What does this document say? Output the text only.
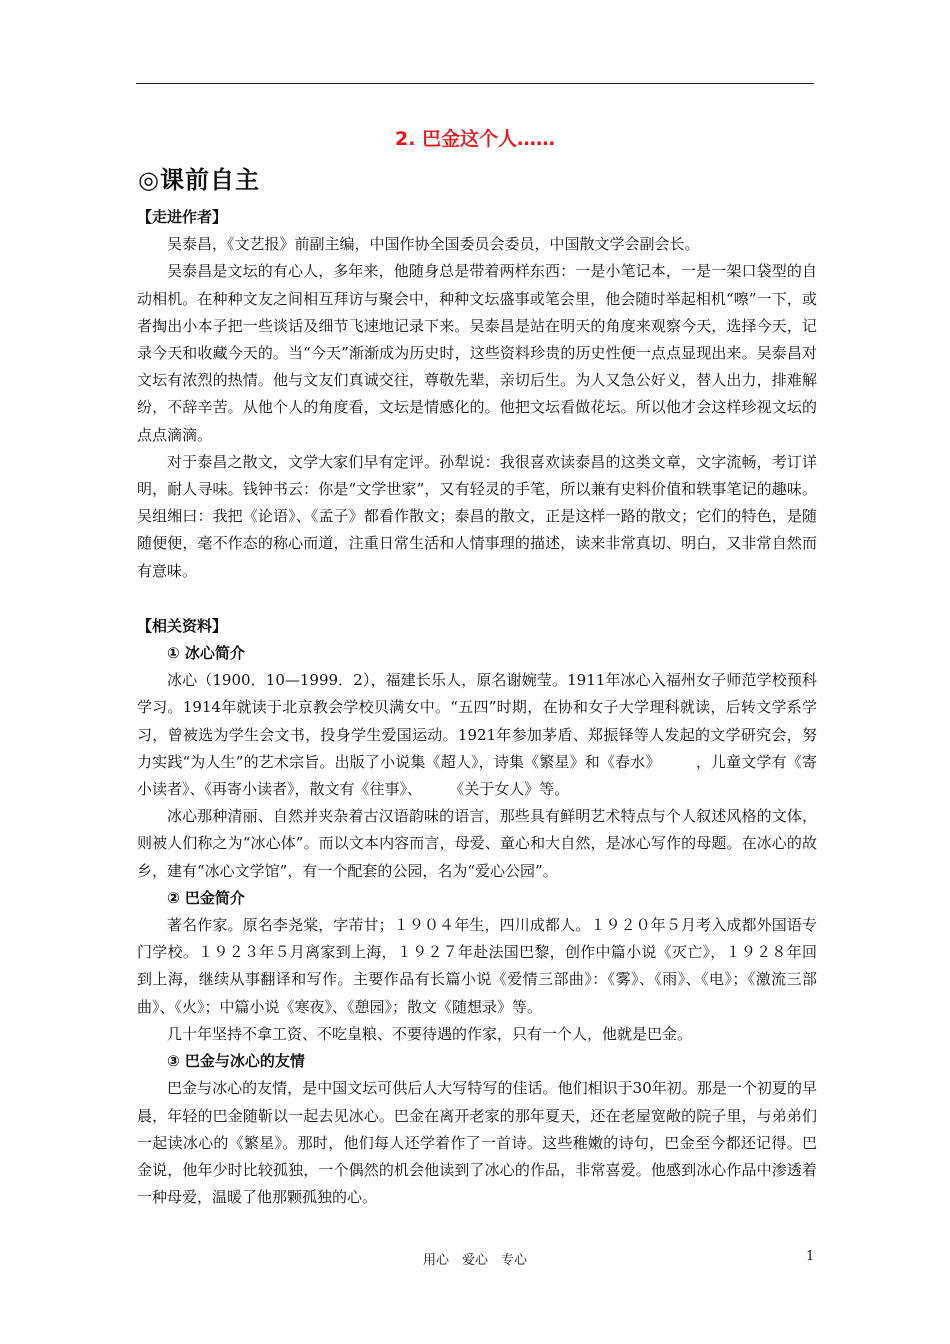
2. 巴金这个人……
◎课前自主
【走进作者】

吴泰昌，《文艺报》前副主编，中国作协全国委员会委员，中国散文学会副会长。

吴泰昌是文坛的有心人，多年来，他随身总是带着两样东西：一是小笔记本，一是一架口袋型的自动相机。在种种文友之间相互拜访与聚会中，种种文坛盛事或笔会里，他会随时举起相机“嚓”一下，或者掏出小本子把一些谈话及细节飞速地记录下来。吴泰昌是站在明天的角度来观察今天，选择今天，记录今天和收藏今天的。当“今天”渐渐成为历史时，这些资料珍贵的历史性便一点点显现出来。吴泰昌对文坛有浓烈的热情。他与文友们真诚交往，尊敬先辈，亲切后生。为人又急公好义，替人出力，排难解纷，不辞辛苦。从他个人的角度看，文坛是情感化的。他把文坛看做花坛。所以他才会这样珍视文坛的点点滴滴。

对于泰昌之散文，文学大家们早有定评。孙犁说：我很喜欢读泰昌的这类文章，文字流畅，考订详明，耐人寻味。钱钟书云：你是“文学世家”，又有轻灵的手笔，所以兼有史料价值和轶事笔记的趣味。吴组缃曰：我把《论语》、《孟子》都看作散文；泰昌的散文，正是这样一路的散文；它们的特色，是随随便便，毫不作态的称心而道，注重日常生活和人情事理的描述，读来非常真切、明白，又非常自然而有意味。

【相关资料】
① 冰心简介

冰心（1900．10—1999．2），福建长乐人，原名谢婉莹。1911年冰心入福州女子师范学校预科学习。1914年就读于北京教会学校贝满女中。“五四”时期，在协和女子大学理科就读，后转文学系学习，曾被选为学生会文书，投身学生爱国运动。1921年参加茅盾、郑振铎等人发起的文学研究会，努力实践“为人生”的艺术宗旨。出版了小说集《超人》，诗集《繁星》和《春水》 　　，儿童文学有《寄小读者》、《再寄小读者》，散文有《往事》、 　　《关于女人》等。

冰心那种清丽、自然并夹杂着古汉语韵味的语言，那些具有鲜明艺术特点与个人叙述风格的文体，则被人们称之为“冰心体”。而以文本内容而言，母爱、童心和大自然，是冰心写作的母题。在冰心的故乡，建有“冰心文学馆”，有一个配套的公园，名为“爱心公园”。

② 巴金简介

著名作家。原名李尧棠，字芾甘；１９０４年生，四川成都人。１９２０年５月考入成都外国语专门学校。１９２３年５月离家到上海，１９２７年赴法国巴黎，创作中篇小说《灭亡》，１９２８年回到上海，继续从事翻译和写作。主要作品有长篇小说《爱情三部曲》：《雾》、《雨》、《电》；《激流三部曲》、《火》；中篇小说《寒夜》、《憩园》；散文《随想录》等。

几十年坚持不拿工资、不吃皇粮、不要待遇的作家，只有一个人，他就是巴金。

③ 巴金与冰心的友情

巴金与冰心的友情，是中国文坛可供后人大写特写的佳话。他们相识于30年初。那是一个初夏的早晨，年轻的巴金随靳以一起去见冰心。巴金在离开老家的那年夏天，还在老屋宽敞的院子里，与弟弟们一起读冰心的《繁星》。那时，他们每人还学着作了一首诗。这些稚嫩的诗句，巴金至今都还记得。巴金说，他年少时比较孤独，一个偶然的机会他读到了冰心的作品，非常喜爱。他感到冰心作品中渗透着一种母爱，温暖了他那颗孤独的心。

用心　爱心　专心	1
